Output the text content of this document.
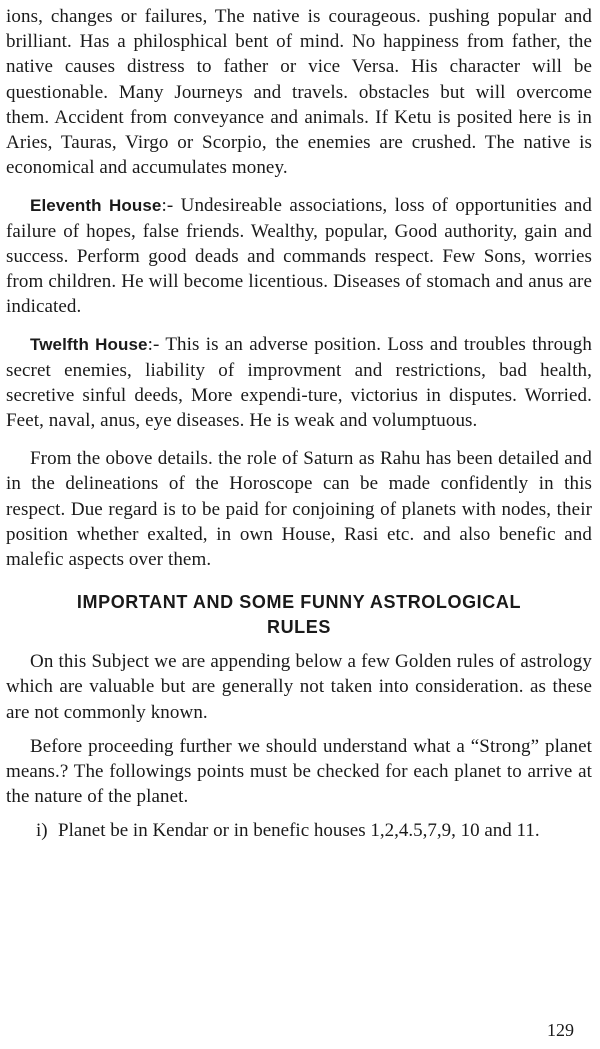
ions, changes or failures, The native is courageous. pushing popular and brilliant. Has a philosphical bent of mind. No happiness from father, the native causes distress to father or vice Versa. His character will be questionable. Many Journeys and travels. obstacles but will overcome them. Accident from conveyance and animals. If Ketu is posited here is in Aries, Tauras, Virgo or Scorpio, the enemies are crushed. The native is economical and accumulates money.

Eleventh House:- Undesireable associations, loss of opportunities and failure of hopes, false friends. Wealthy, popular, Good authority, gain and success. Perform good deads and commands respect. Few Sons, worries from children. He will become licentious. Diseases of stomach and anus are indicated.

Twelfth House:- This is an adverse position. Loss and troubles through secret enemies, liability of improvment and restrictions, bad health, secretive sinful deeds, More expendi-ture, victorius in disputes. Worried. Feet, naval, anus, eye diseases. He is weak and volumptuous.

From the obove details. the role of Saturn as Rahu has been detailed and in the delineations of the Horoscope can be made confidently in this respect. Due regard is to be paid for conjoining of planets with nodes, their position whether exalted, in own House, Rasi etc. and also benefic and malefic aspects over them.

IMPORTANT AND SOME FUNNY ASTROLOGICAL
RULES

On this Subject we are appending below a few Golden rules of astrology which are valuable but are generally not taken into consideration. as these are not commonly known.

Before proceeding further we should understand what a “Strong” planet means.? The followings points must be checked for each planet to arrive at the nature of the planet.

i) Planet be in Kendar or in benefic houses 1,2,4.5,7,9, 10 and 11.
129
